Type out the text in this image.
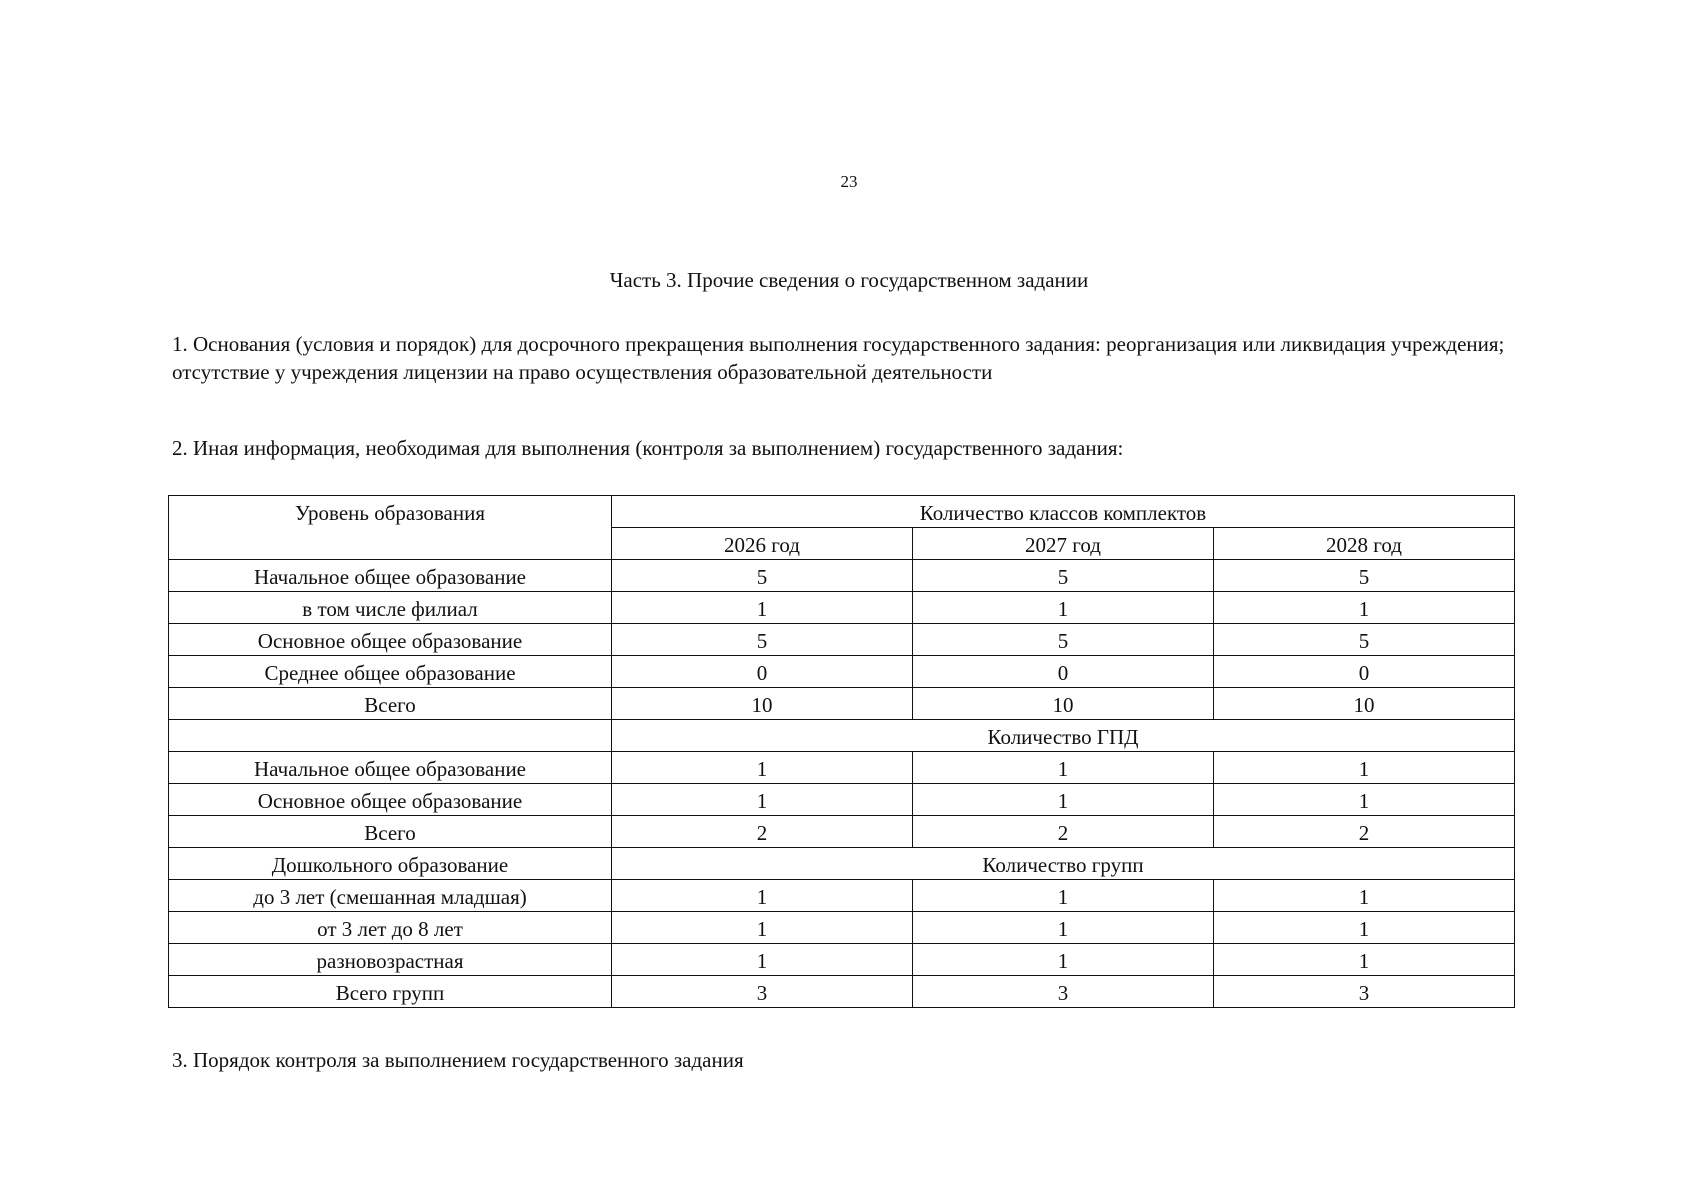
23
Часть 3. Прочие сведения о государственном задании
1. Основания (условия и порядок) для досрочного прекращения выполнения государственного задания: реорганизация или ликвидация учреждения; отсутствие у учреждения лицензии на право осуществления образовательной деятельности
2. Иная информация, необходимая для выполнения (контроля за выполнением) государственного задания:
Уровень образования	Количество классов комплектов		
	2026 год	2027 год	2028 год
Начальное общее образование	5	5	5
в том числе филиал	1	1	1
Основное общее образование	5	5	5
Среднее общее образование	0	0	0
Всего	10	10	10
	Количество ГПД		
Начальное общее образование	1	1	1
Основное общее образование	1	1	1
Всего	2	2	2
Дошкольного образование	Количество групп		
до 3 лет (смешанная младшая)	1	1	1
от 3 лет до 8 лет	1	1	1
разновозрастная	1	1	1
Всего групп	3	3	3
3. Порядок контроля за выполнением государственного задания
